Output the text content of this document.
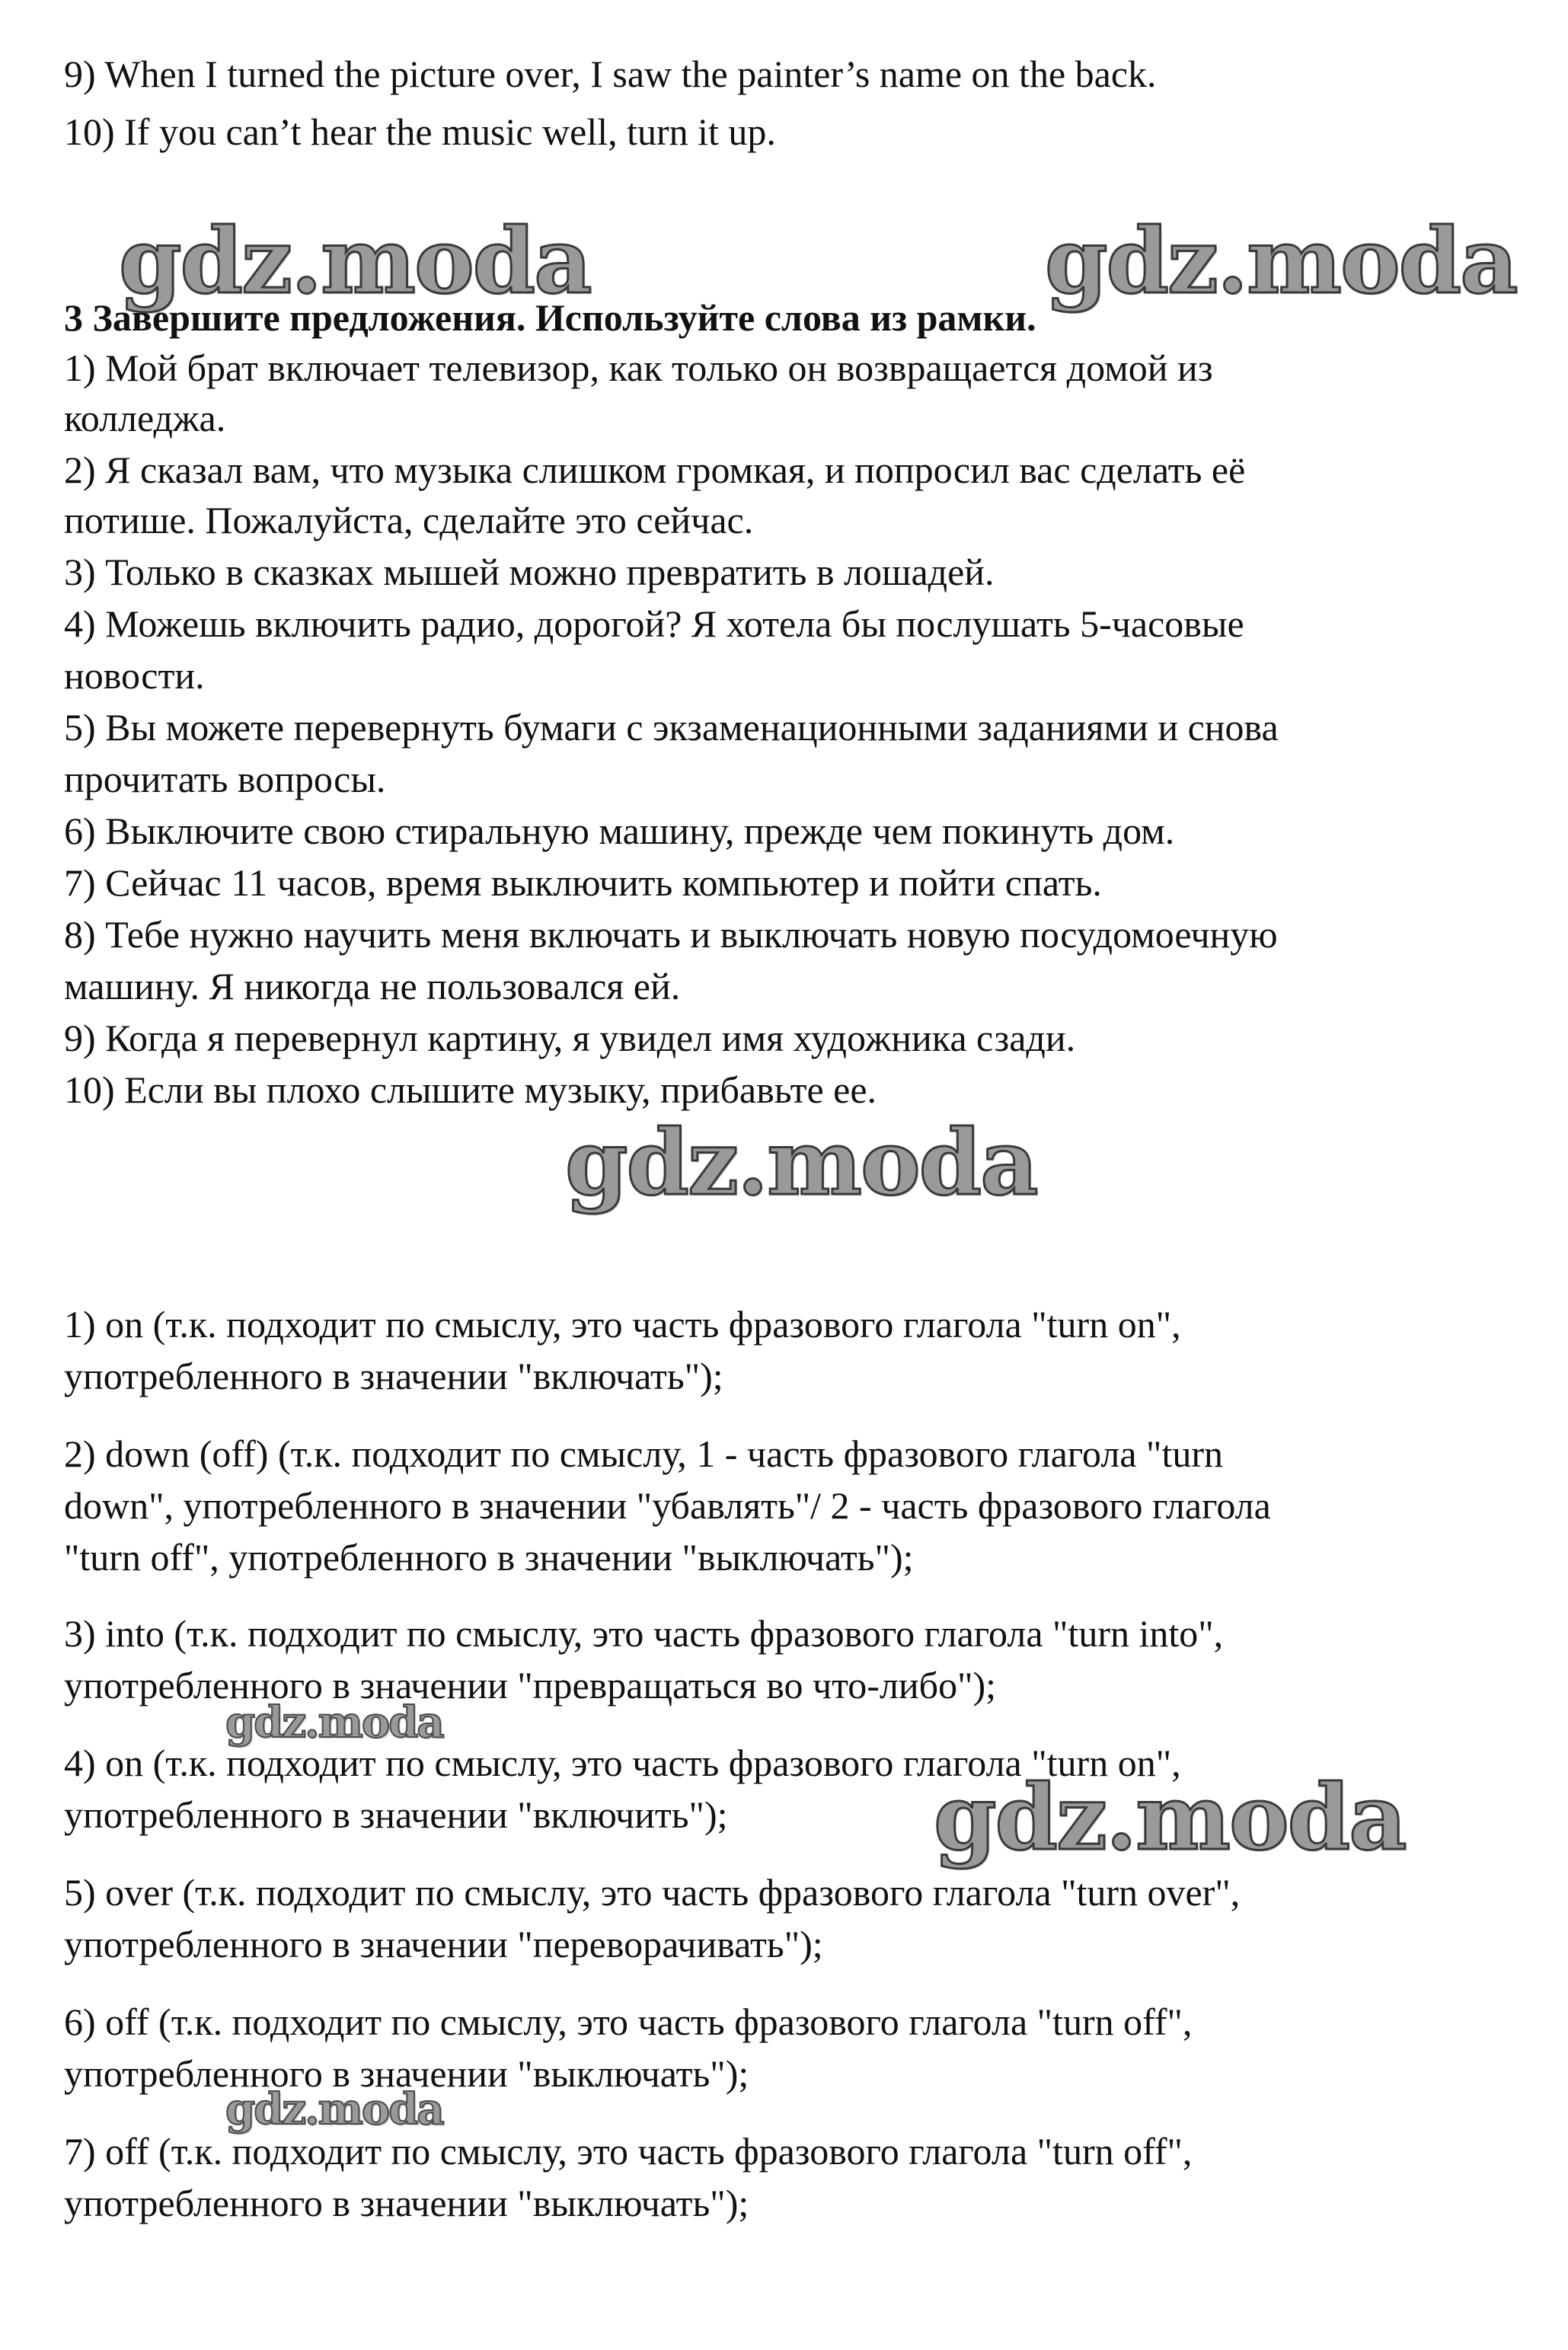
9) When I turned the picture over, I saw the painter’s name on the back.

10) If you can’t hear the music well, turn it up.

gdz.moda	gdz.moda

3 Завершите предложения. Используйте слова из рамки.

1) Мой брат включает телевизор, как только он возвращается домой из

колледжа.

2) Я сказал вам, что музыка слишком громкая, и попросил вас сделать её

потише. Пожалуйста, сделайте это сейчас.

3) Только в сказках мышей можно превратить в лошадей.

4) Можешь включить радио, дорогой? Я хотела бы послушать 5-часовые

новости.

5) Вы можете перевернуть бумаги с экзаменационными заданиями и снова

прочитать вопросы.

6) Выключите свою стиральную машину, прежде чем покинуть дом.

7) Сейчас 11 часов, время выключить компьютер и пойти спать.

8) Тебе нужно научить меня включать и выключать новую посудомоечную

машину. Я никогда не пользовался ей.

9) Когда я перевернул картину, я увидел имя художника сзади.

10) Если вы плохо слышите музыку, прибавьте ее.

gdz.moda

1) on (т.к. подходит по смыслу, это часть фразового глагола "turn on",

употребленного в значении "включать");

2) down (off) (т.к. подходит по смыслу, 1 - часть фразового глагола "turn

down", употребленного в значении "убавлять"/ 2 - часть фразового глагола

"turn off", употребленного в значении "выключать");

3) into (т.к. подходит по смыслу, это часть фразового глагола "turn into",

употребленного в значении "превращаться во что-либо");

gdz.moda

4) on (т.к. подходит по смыслу, это часть фразового глагола "turn on",

употребленного в значении "включить"); gdz.moda

5) over (т.к. подходит по смыслу, это часть фразового глагола "turn over",

употребленного в значении "переворачивать");

6) off (т.к. подходит по смыслу, это часть фразового глагола "turn off",

употребленного в значении "выключать");

gdz.moda

7) off (т.к. подходит по смыслу, это часть фразового глагола "turn off",

употребленного в значении "выключать");
